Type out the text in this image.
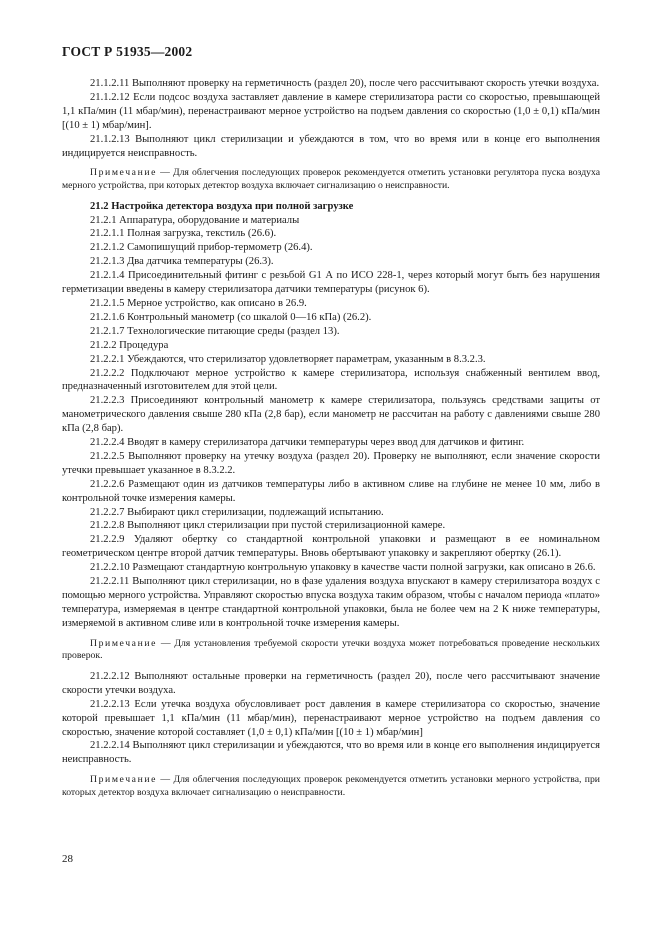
ГОСТ Р 51935—2002

21.1.2.11 Выполняют проверку на герметичность (раздел 20), после чего рассчитывают скорость утечки воздуха.

21.1.2.12 Если подсос воздуха заставляет давление в камере стерилизатора расти со скоростью, превышающей 1,1 кПа/мин (11 мбар/мин), перенастраивают мерное устройство на подъем давления со скоростью (1,0 ± 0,1) кПа/мин [(10 ± 1) мбар/мин].

21.1.2.13 Выполняют цикл стерилизации и убеждаются в том, что во время или в конце его выполнения индицируется неисправность.

Примечание — Для облегчения последующих проверок рекомендуется отметить установки регулятора пуска воздуха мерного устройства, при которых детектор воздуха включает сигнализацию о неисправности.

21.2 Настройка детектора воздуха при полной загрузке

21.2.1 Аппаратура, оборудование и материалы

21.2.1.1 Полная загрузка, текстиль (26.6).

21.2.1.2 Самопишущий прибор-термометр (26.4).

21.2.1.3 Два датчика температуры (26.3).

21.2.1.4 Присоединительный фитинг с резьбой G1 А по ИСО 228-1, через который могут быть без нарушения герметизации введены в камеру стерилизатора датчики температуры (рисунок 6).

21.2.1.5 Мерное устройство, как описано в 26.9.

21.2.1.6 Контрольный манометр (со шкалой 0—16 кПа) (26.2).

21.2.1.7 Технологические питающие среды (раздел 13).

21.2.2 Процедура

21.2.2.1 Убеждаются, что стерилизатор удовлетворяет параметрам, указанным в 8.3.2.3.

21.2.2.2 Подключают мерное устройство к камере стерилизатора, используя снабженный вентилем ввод, предназначенный изготовителем для этой цели.

21.2.2.3 Присоединяют контрольный манометр к камере стерилизатора, пользуясь средствами защиты от манометрического давления свыше 280 кПа (2,8 бар), если манометр не рассчитан на работу с давлениями свыше 280 кПа (2,8 бар).

21.2.2.4 Вводят в камеру стерилизатора датчики температуры через ввод для датчиков и фитинг.

21.2.2.5 Выполняют проверку на утечку воздуха (раздел 20). Проверку не выполняют, если значение скорости утечки превышает указанное в 8.3.2.2.

21.2.2.6 Размещают один из датчиков температуры либо в активном сливе на глубине не менее 10 мм, либо в контрольной точке измерения камеры.

21.2.2.7 Выбирают цикл стерилизации, подлежащий испытанию.

21.2.2.8 Выполняют цикл стерилизации при пустой стерилизационной камере.

21.2.2.9 Удаляют обертку со стандартной контрольной упаковки и размещают в ее номинальном геометрическом центре второй датчик температуры. Вновь обертывают упаковку и закрепляют обертку (26.1).

21.2.2.10 Размещают стандартную контрольную упаковку в качестве части полной загрузки, как описано в 26.6.

21.2.2.11 Выполняют цикл стерилизации, но в фазе удаления воздуха впускают в камеру стерилизатора воздух с помощью мерного устройства. Управляют скоростью впуска воздуха таким образом, чтобы с началом периода «плато» температура, измеряемая в центре стандартной контрольной упаковки, была не более чем на 2 К ниже температуры, измеряемой в активном сливе или в контрольной точке измерения камеры.

Примечание — Для установления требуемой скорости утечки воздуха может потребоваться проведение нескольких проверок.

21.2.2.12 Выполняют остальные проверки на герметичность (раздел 20), после чего рассчитывают значение скорости утечки воздуха.

21.2.2.13 Если утечка воздуха обусловливает рост давления в камере стерилизатора со скоростью, значение которой превышает 1,1 кПа/мин (11 мбар/мин), перенастраивают мерное устройство на подъем давления со скоростью, значение которой составляет (1,0 ± 0,1) кПа/мин [(10 ± 1) мбар/мин]

21.2.2.14 Выполняют цикл стерилизации и убеждаются, что во время или в конце его выполнения индицируется неисправность.

Примечание — Для облегчения последующих проверок рекомендуется отметить установки мерного устройства, при которых детектор воздуха включает сигнализацию о неисправности.

28
